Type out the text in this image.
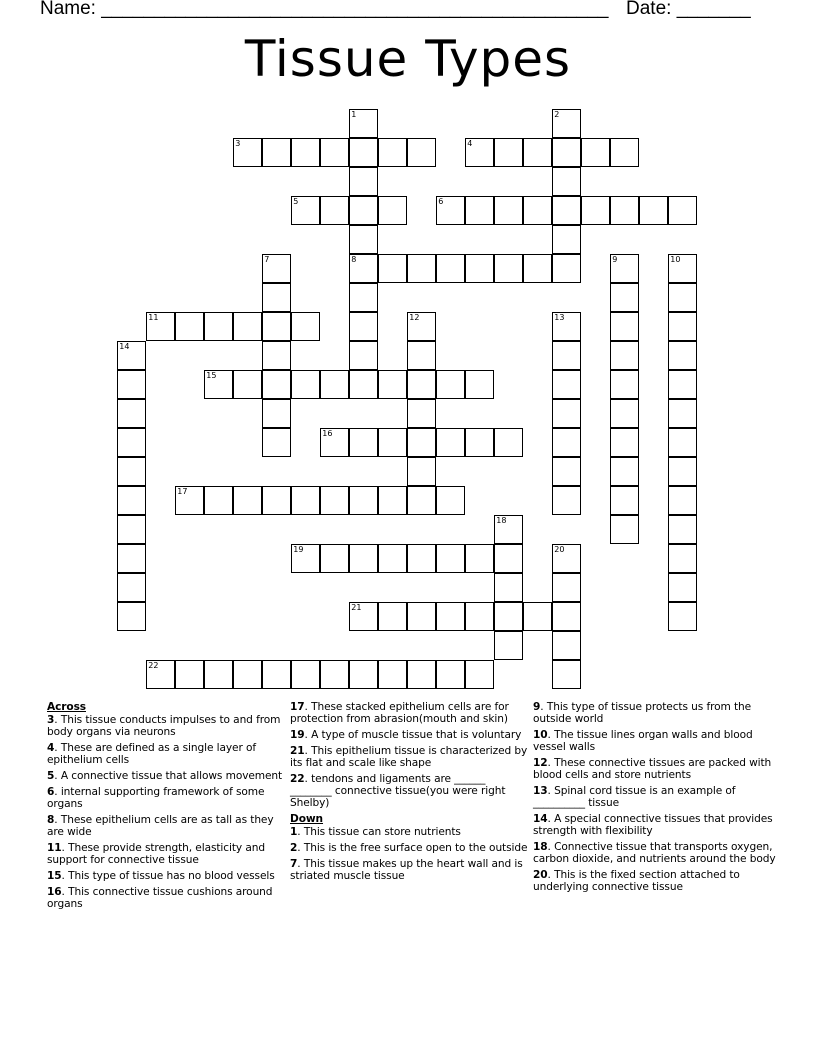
Name: ________________________________________________ Date: _______
Tissue Types
1
8
2
3	4
5	6
7	9	10
11	12	13
14
15
16
17
18
19	20
21
22
Across
3. This tissue conducts impulses to and from body organs via neurons
4. These are defined as a single layer of epithelium cells
5. A connective tissue that allows movement
6. internal supporting framework of some organs
8. These epithelium cells are as tall as they are wide
11. These provide strength, elasticity and support for connective tissue
15. This type of tissue has no blood vessels
16. This connective tissue cushions around organs
17. These stacked epithelium cells are for protection from abrasion(mouth and skin)
19. A type of muscle tissue that is voluntary
21. This epithelium tissue is characterized by its flat and scale like shape
22. tendons and ligaments are ______ ________ connective tissue(you were right Shelby)
Down
1. This tissue can store nutrients
2. This is the free surface open to the outside
7. This tissue makes up the heart wall and is striated muscle tissue
9. This type of tissue protects us from the outside world
10. The tissue lines organ walls and blood vessel walls
12. These connective tissues are packed with blood cells and store nutrients
13. Spinal cord tissue is an example of __________ tissue
14. A special connective tissues that provides strength with flexibility
18. Connective tissue that transports oxygen, carbon dioxide, and nutrients around the body
20. This is the fixed section attached to underlying connective tissue
